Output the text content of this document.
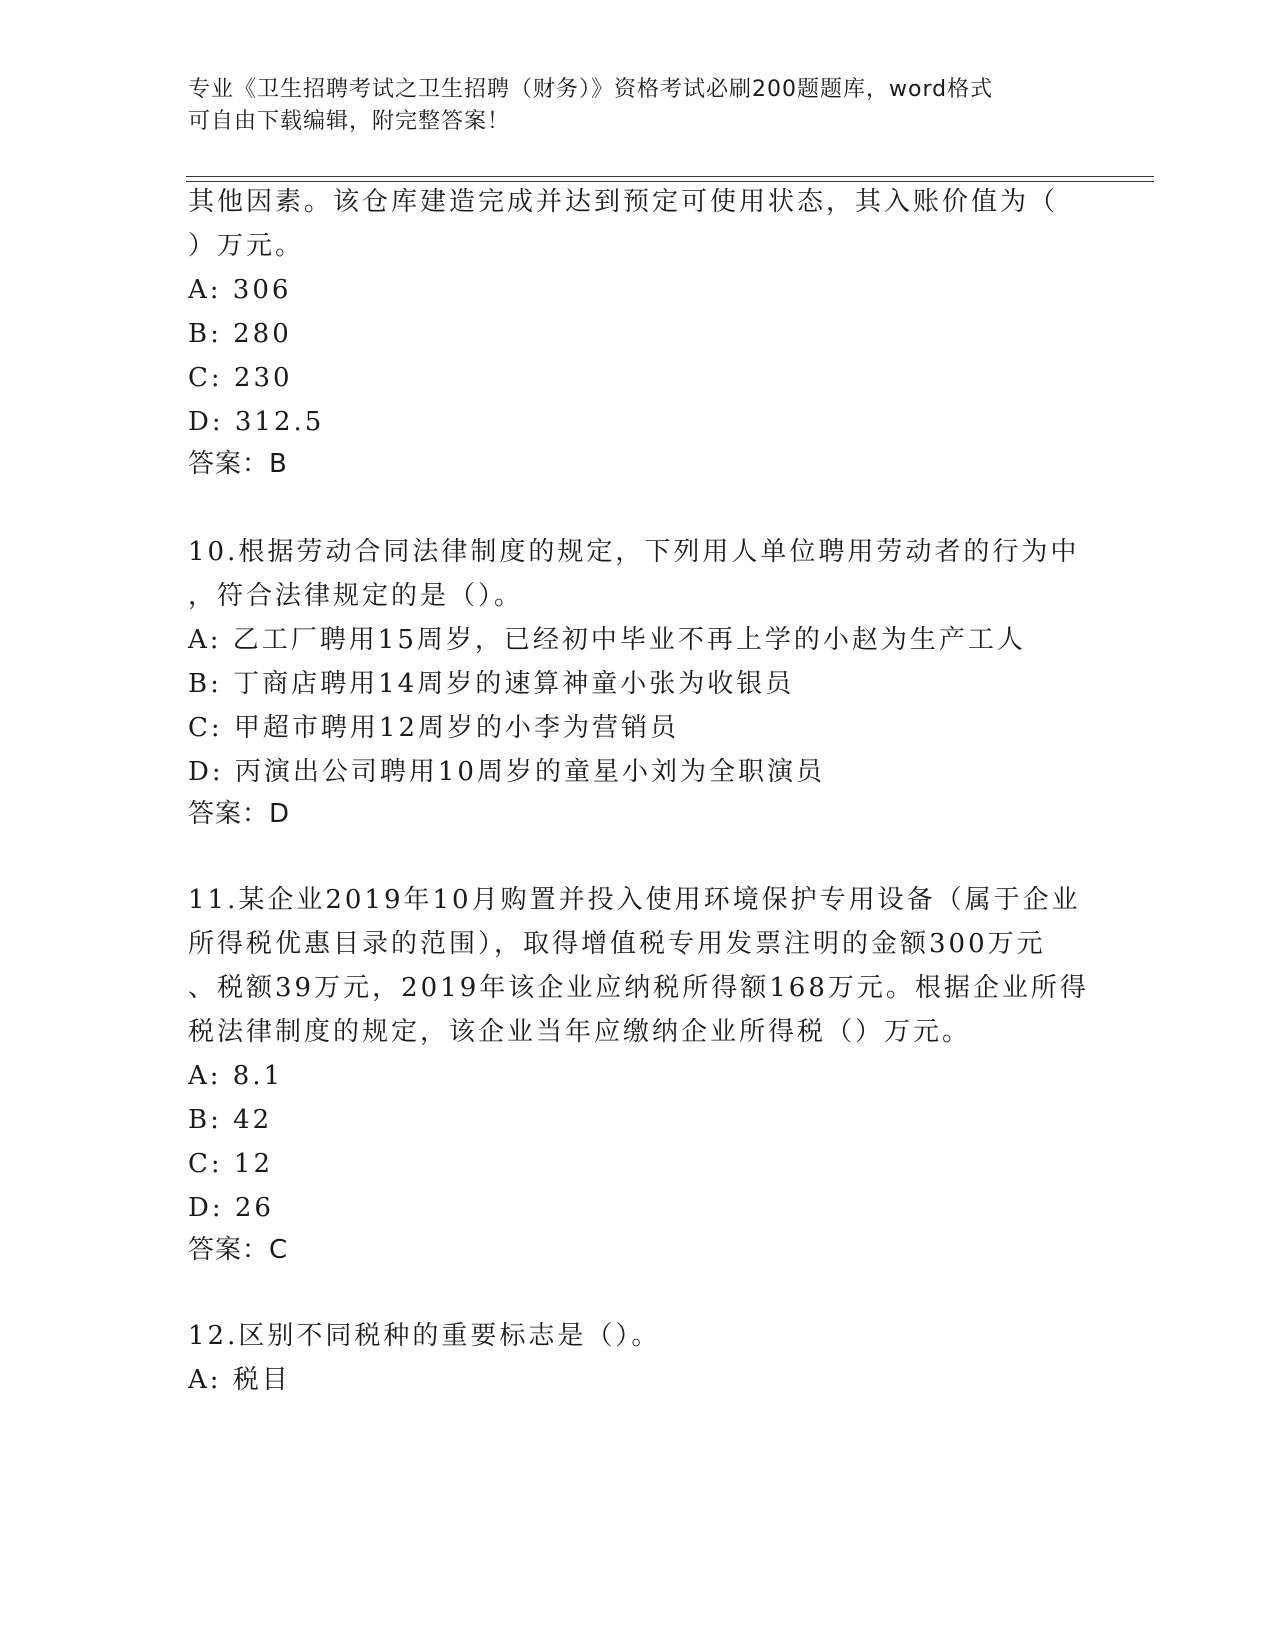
专业《卫生招聘考试之卫生招聘（财务）》资格考试必刷200题题库，word格式
可自由下载编辑，附完整答案！
其他因素。该仓库建造完成并达到预定可使用状态，其入账价值为（
）万元。
A: 306
B: 280
C: 230
D: 312.5
答案：B
10.根据劳动合同法律制度的规定，下列用人单位聘用劳动者的行为中
，符合法律规定的是（）。
A: 乙工厂聘用15周岁，已经初中毕业不再上学的小赵为生产工人
B: 丁商店聘用14周岁的速算神童小张为收银员
C: 甲超市聘用12周岁的小李为营销员
D: 丙演出公司聘用10周岁的童星小刘为全职演员
答案：D
11.某企业2019年10月购置并投入使用环境保护专用设备（属于企业
所得税优惠目录的范围），取得增值税专用发票注明的金额300万元
、税额39万元，2019年该企业应纳税所得额168万元。根据企业所得
税法律制度的规定，该企业当年应缴纳企业所得税（）万元。
A: 8.1
B: 42
C: 12
D: 26
答案：C
12.区别不同税种的重要标志是（）。
A: 税目
